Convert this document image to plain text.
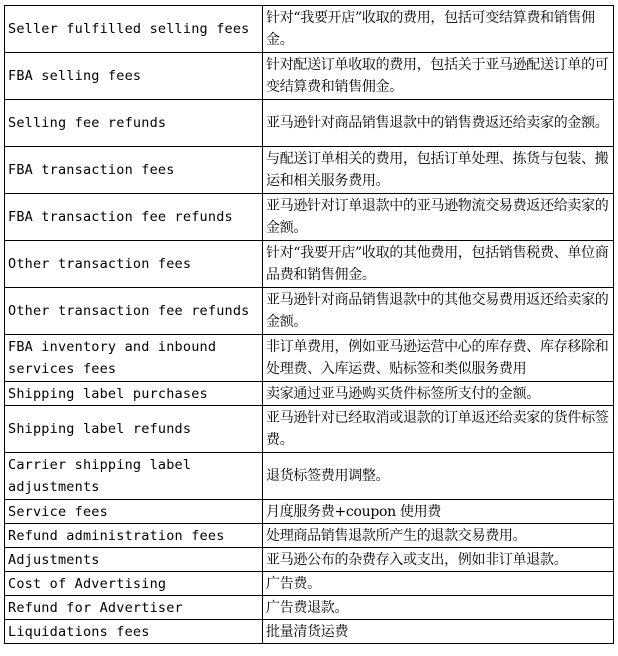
Seller fulfilled selling fees	针对“我要开店”收取的费用，包括可变结算费和销售佣金。
FBA selling fees	针对配送订单收取的费用，包括关于亚马逊配送订单的可变结算费和销售佣金。
Selling fee refunds	亚马逊针对商品销售退款中的销售费返还给卖家的金额。
FBA transaction fees	与配送订单相关的费用，包括订单处理、拣货与包装、搬运和相关服务费用。
FBA transaction fee refunds	亚马逊针对订单退款中的亚马逊物流交易费返还给卖家的金额。
Other transaction fees	针对“我要开店”收取的其他费用，包括销售税费、单位商品费和销售佣金。
Other transaction fee refunds	亚马逊针对商品销售退款中的其他交易费用返还给卖家的金额。
FBA inventory and inbound services fees	非订单费用，例如亚马逊运营中心的库存费、库存移除和处理费、入库运费、贴标签和类似服务费用
Shipping label purchases	卖家通过亚马逊购买货件标签所支付的金额。
Shipping label refunds	亚马逊针对已经取消或退款的订单返还给卖家的货件标签费。
Carrier shipping label adjustments	退货标签费用调整。
Service fees	月度服务费+coupon 使用费
Refund administration fees	处理商品销售退款所产生的退款交易费用。
Adjustments	亚马逊公布的杂费存入或支出，例如非订单退款。
Cost of Advertising	广告费。
Refund for Advertiser	广告费退款。
Liquidations fees	批量清货运费
